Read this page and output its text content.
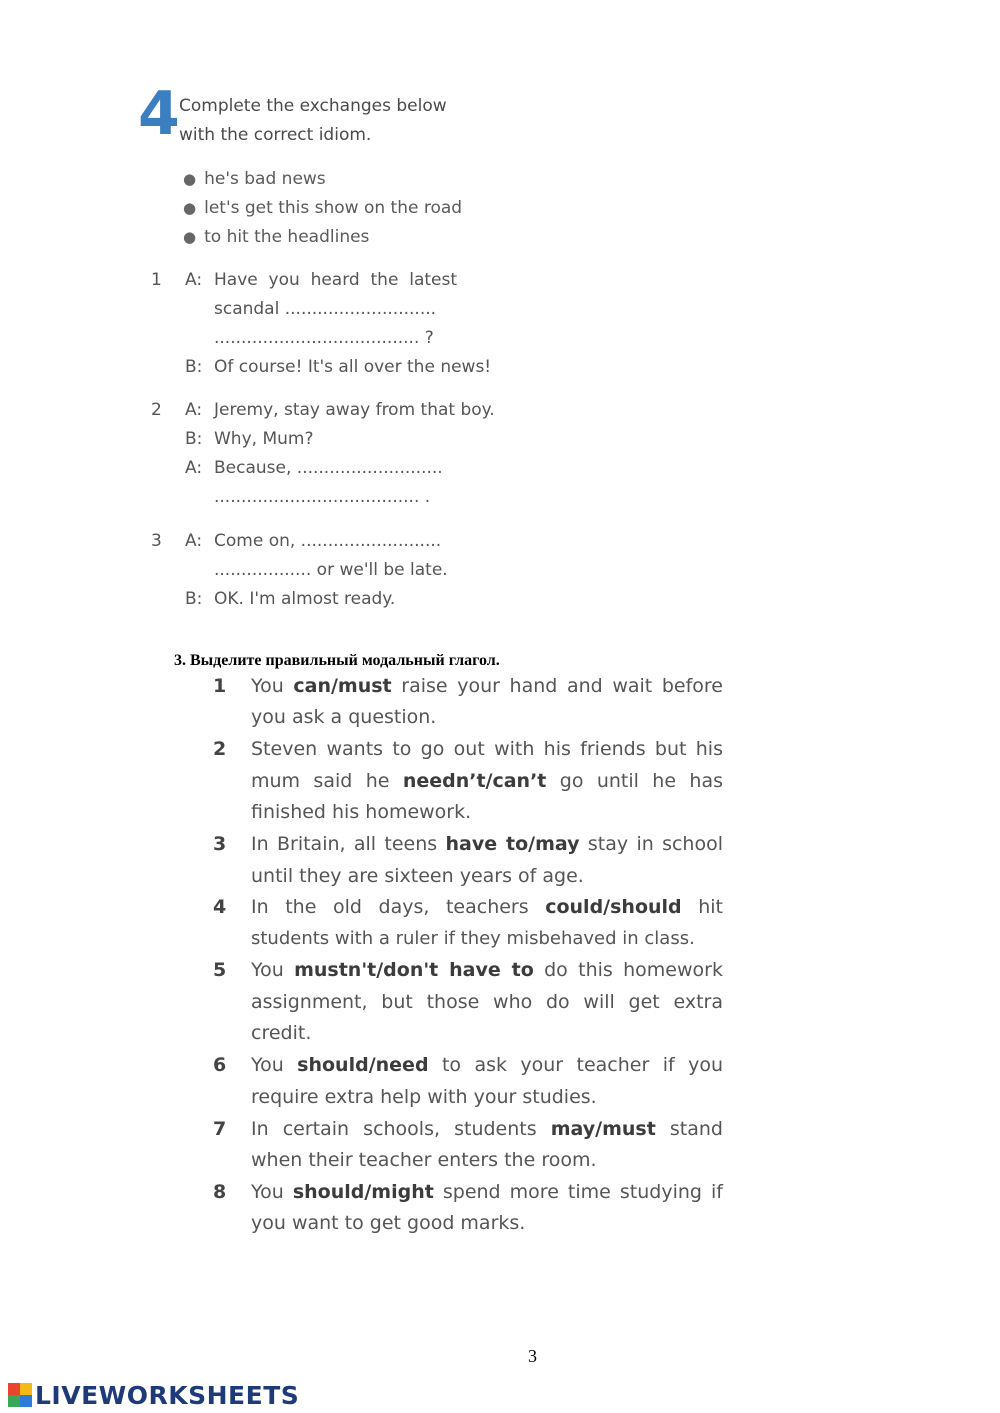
4 Complete the exchanges below
with the correct idiom.
● he's bad news
● let's get this show on the road
● to hit the headlines
1 A: Have  you  heard  the  latest
scandal ............................
...................................... ?
B: Of course! It's all over the news!
2 A: Jeremy, stay away from that boy.
B: Why, Mum?
A: Because, ...........................
...................................... .
3 A: Come on, ..........................
.................. or we'll be late.
B: OK. I'm almost ready.
3. Выделите правильный модальный глагол.
1 You can/must raise your hand and wait before
you ask a question.
2 Steven wants to go out with his friends but his
mum said he needn’t/can’t go until he has
finished his homework.
3 In Britain, all teens have to/may stay in school
until they are sixteen years of age.
4 In the old days, teachers could/should hit
students with a ruler if they misbehaved in class.
5 You mustn't/don't have to do this homework
assignment, but those who do will get extra
credit.
6 You should/need to ask your teacher if you
require extra help with your studies.
7 In certain schools, students may/must stand
when their teacher enters the room.
8 You should/might spend more time studying if
you want to get good marks.
3
LIVEWORKSHEETS
